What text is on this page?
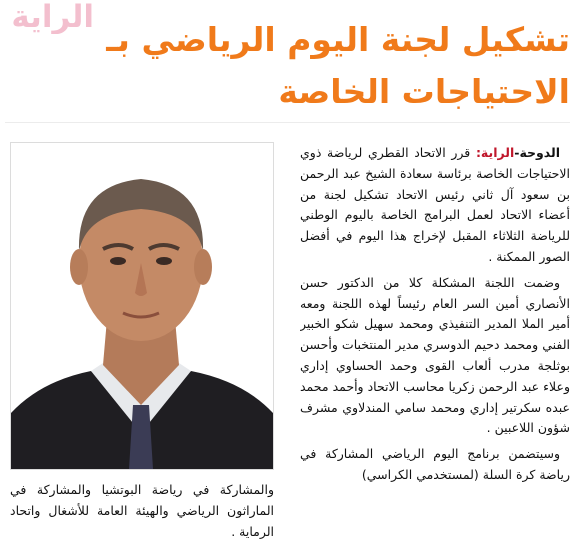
الراية
تشكيل لجنة اليوم الرياضي بـ
الاحتياجات الخاصة

الدوحة-الراية: قرر الاتحاد القطري لرياضة ذوي الاحتياجات الخاصة برئاسة سعادة الشيخ عبد الرحمن بن سعود آل ثاني رئيس الاتحاد تشكيل لجنة من أعضاء الاتحاد لعمل البرامج الخاصة باليوم الوطني للرياضة الثلاثاء المقبل لإخراج هذا اليوم في أفضل الصور الممكنة .

وضمت اللجنة المشكلة كلا من الدكتور حسن الأنصاري أمين السر العام رئيساً لهذه اللجنة ومعه أمير الملا المدير التنفيذي ومحمد سهيل شكو الخبير الفني ومحمد دحيم الدوسري مدير المنتخبات وأحسن بوثلجة مدرب ألعاب القوى وحمد الحساوي إداري وعلاء عبد الرحمن زكريا محاسب الاتحاد وأحمد محمد عبده سكرتير إداري ومحمد سامي المندلاوي مشرف شؤون اللاعبين .

وسيتضمن برنامج اليوم الرياضي المشاركة في رياضة كرة السلة (لمستخدمي الكراسي)

والمشاركة في رياضة البوتشيا والمشاركة في الماراثون الرياضي والهيئة العامة للأشغال واتحاد الرماية .
